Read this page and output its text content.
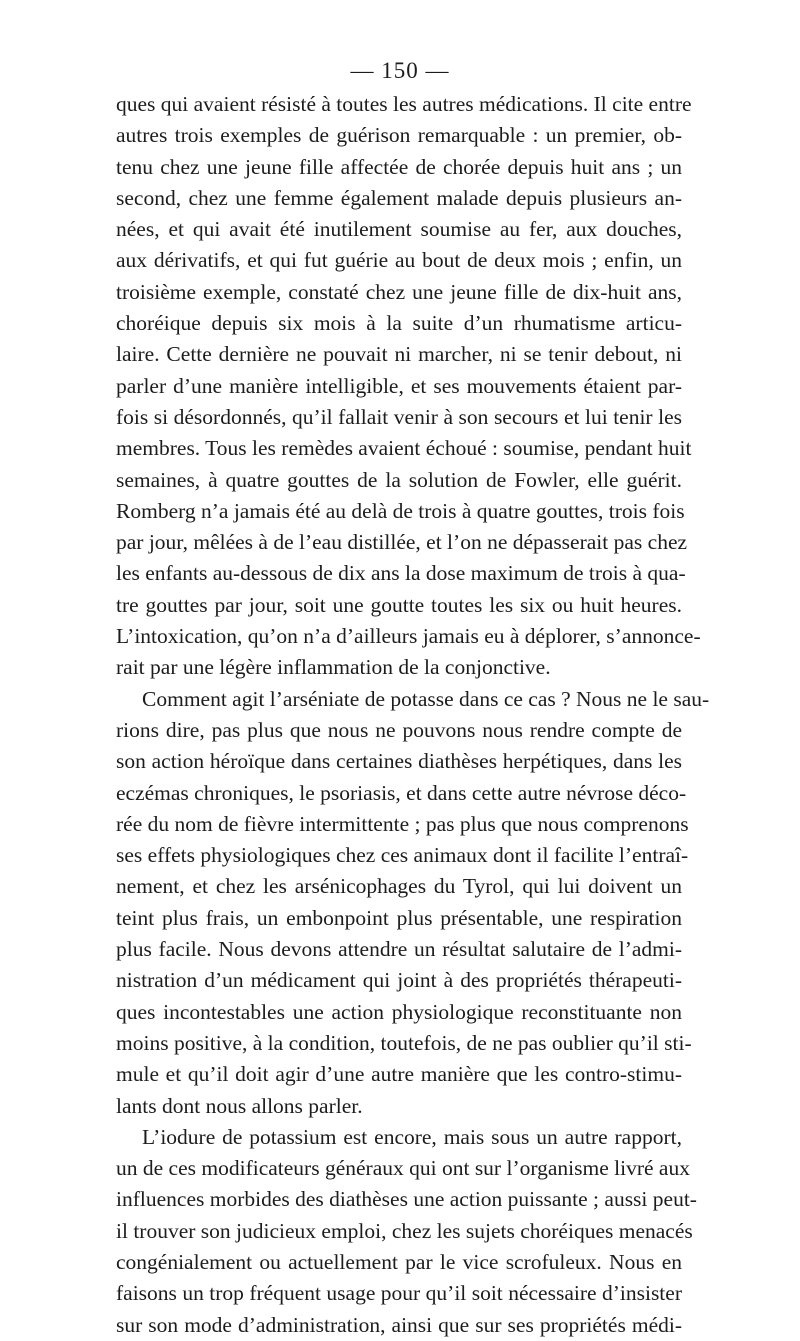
— 150 —
ques qui avaient résisté à toutes les autres médications. Il cite entre
autres trois exemples de guérison remarquable : un premier, ob-
tenu chez une jeune fille affectée de chorée depuis huit ans ; un
second, chez une femme également malade depuis plusieurs an-
nées, et qui avait été inutilement soumise au fer, aux douches,
aux dérivatifs, et qui fut guérie au bout de deux mois ; enfin, un
troisième exemple, constaté chez une jeune fille de dix-huit ans,
choréique depuis six mois à la suite d’un rhumatisme articu-
laire. Cette dernière ne pouvait ni marcher, ni se tenir debout, ni
parler d’une manière intelligible, et ses mouvements étaient par-
fois si désordonnés, qu’il fallait venir à son secours et lui tenir les
membres. Tous les remèdes avaient échoué : soumise, pendant huit
semaines, à quatre gouttes de la solution de Fowler, elle guérit.
Romberg n’a jamais été au delà de trois à quatre gouttes, trois fois
par jour, mêlées à de l’eau distillée, et l’on ne dépasserait pas chez
les enfants au-dessous de dix ans la dose maximum de trois à qua-
tre gouttes par jour, soit une goutte toutes les six ou huit heures.
L’intoxication, qu’on n’a d’ailleurs jamais eu à déplorer, s’annonce-
rait par une légère inflammation de la conjonctive.
Comment agit l’arséniate de potasse dans ce cas ? Nous ne le sau-
rions dire, pas plus que nous ne pouvons nous rendre compte de
son action héroïque dans certaines diathèses herpétiques, dans les
eczémas chroniques, le psoriasis, et dans cette autre névrose déco-
rée du nom de fièvre intermittente ; pas plus que nous comprenons
ses effets physiologiques chez ces animaux dont il facilite l’entraî-
nement, et chez les arsénicophages du Tyrol, qui lui doivent un
teint plus frais, un embonpoint plus présentable, une respiration
plus facile. Nous devons attendre un résultat salutaire de l’admi-
nistration d’un médicament qui joint à des propriétés thérapeuti-
ques incontestables une action physiologique reconstituante non
moins positive, à la condition, toutefois, de ne pas oublier qu’il sti-
mule et qu’il doit agir d’une autre manière que les contro-stimu-
lants dont nous allons parler.
L’iodure de potassium est encore, mais sous un autre rapport,
un de ces modificateurs généraux qui ont sur l’organisme livré aux
influences morbides des diathèses une action puissante ; aussi peut-
il trouver son judicieux emploi, chez les sujets choréiques menacés
congénialement ou actuellement par le vice scrofuleux. Nous en
faisons un trop fréquent usage pour qu’il soit nécessaire d’insister
sur son mode d’administration, ainsi que sur ses propriétés médi-
